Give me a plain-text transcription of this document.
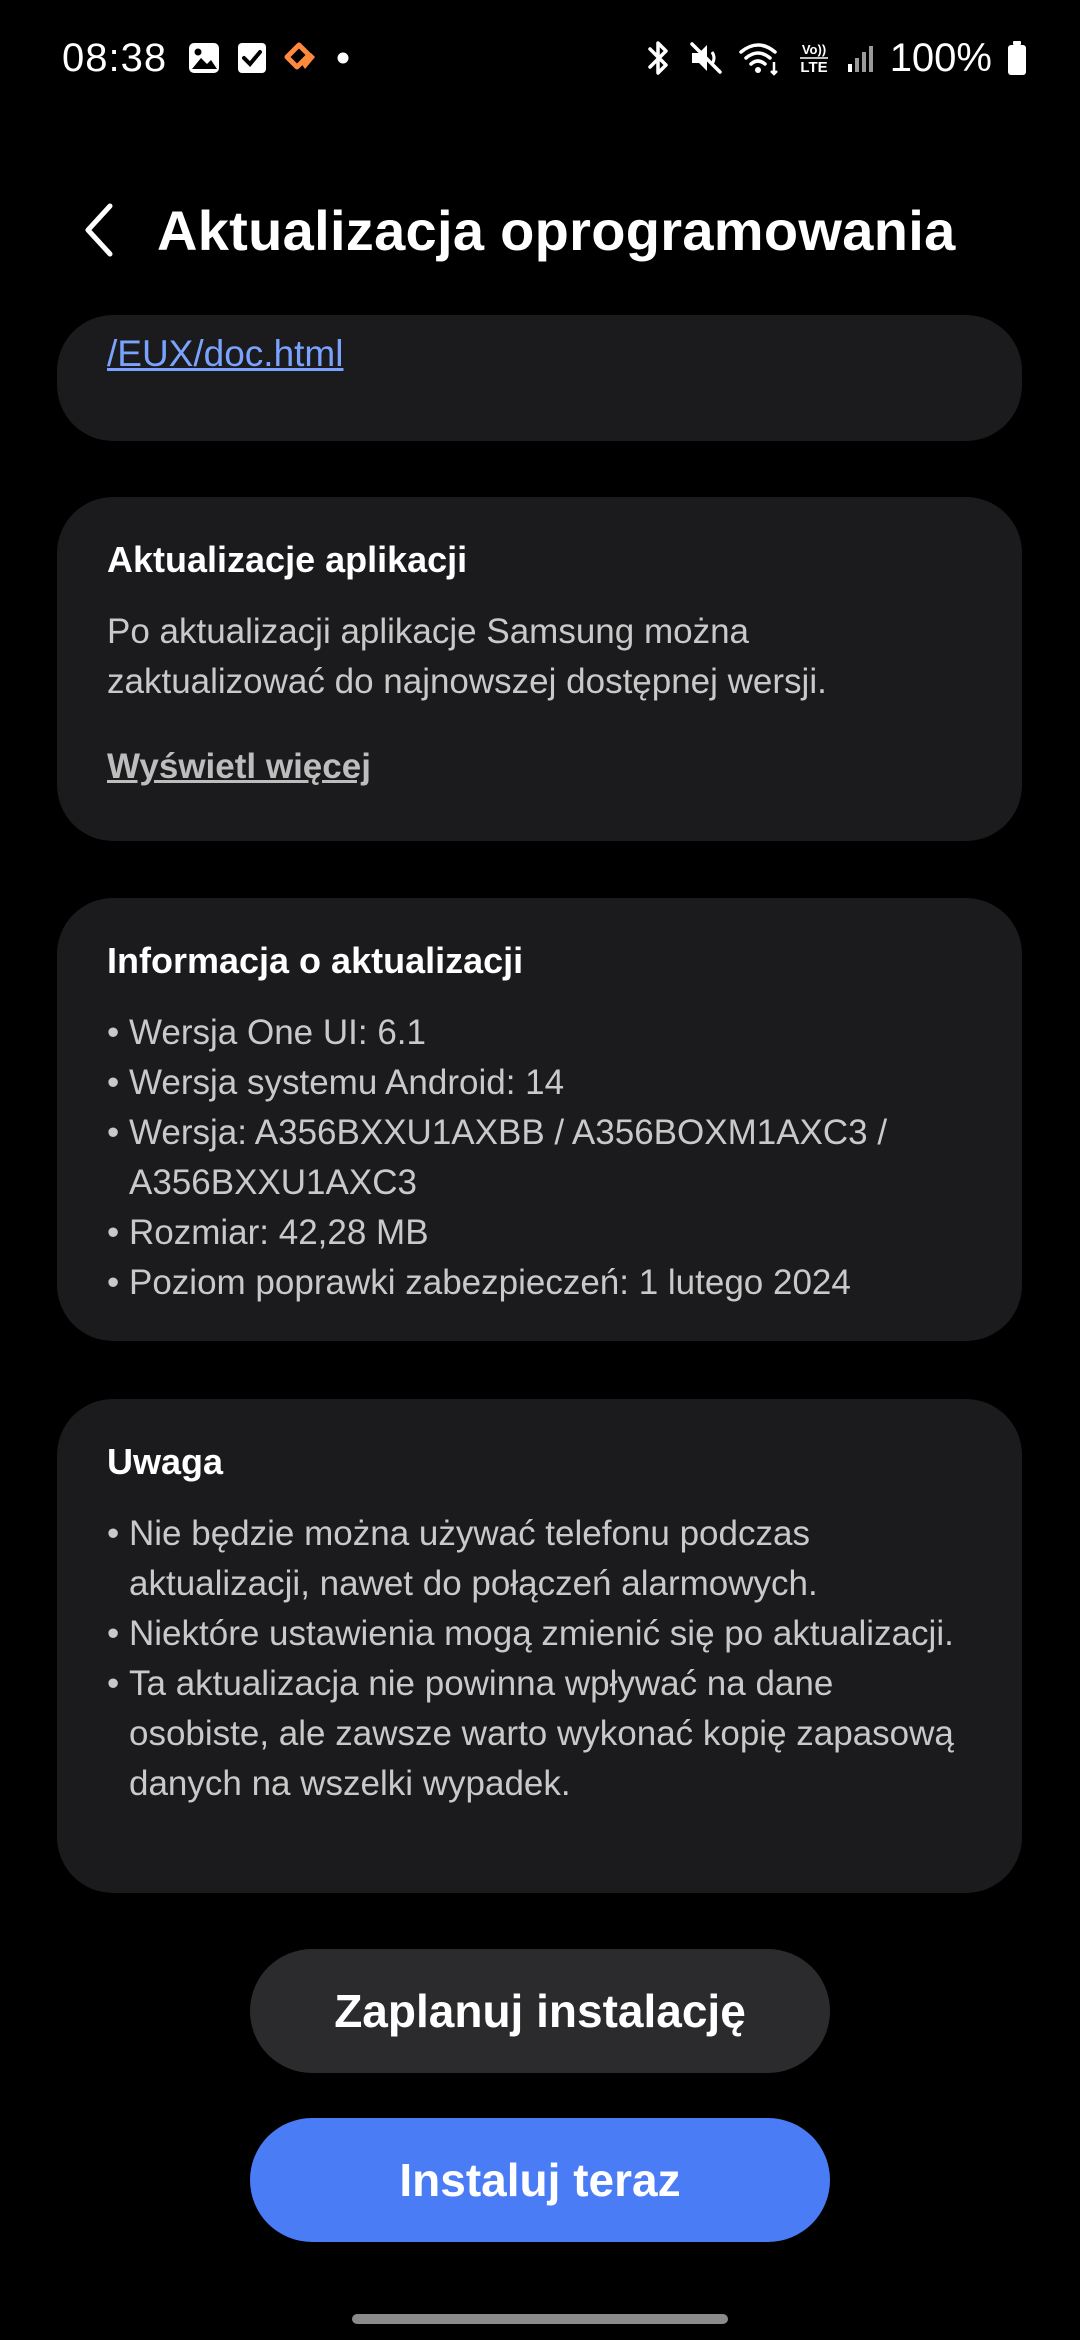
08:38	Vo))
LTE 100%
Aktualizacja oprogramowania
/EUX/doc.html
Aktualizacje aplikacji
Po aktualizacji aplikacje Samsung można zaktualizować do najnowszej dostępnej wersji.
Wyświetl więcej
Informacja o aktualizacji
• Wersja One UI: 6.1
• Wersja systemu Android: 14
• Wersja: A356BXXU1AXBB / A356BOXM1AXC3 / A356BXXU1AXC3
• Rozmiar: 42,28 MB
• Poziom poprawki zabezpieczeń: 1 lutego 2024
Uwaga
• Nie będzie można używać telefonu podczas aktualizacji, nawet do połączeń alarmowych.
• Niektóre ustawienia mogą zmienić się po aktualizacji.
• Ta aktualizacja nie powinna wpływać na dane osobiste, ale zawsze warto wykonać kopię zapasową danych na wszelki wypadek.
Zaplanuj instalację
Instaluj teraz
